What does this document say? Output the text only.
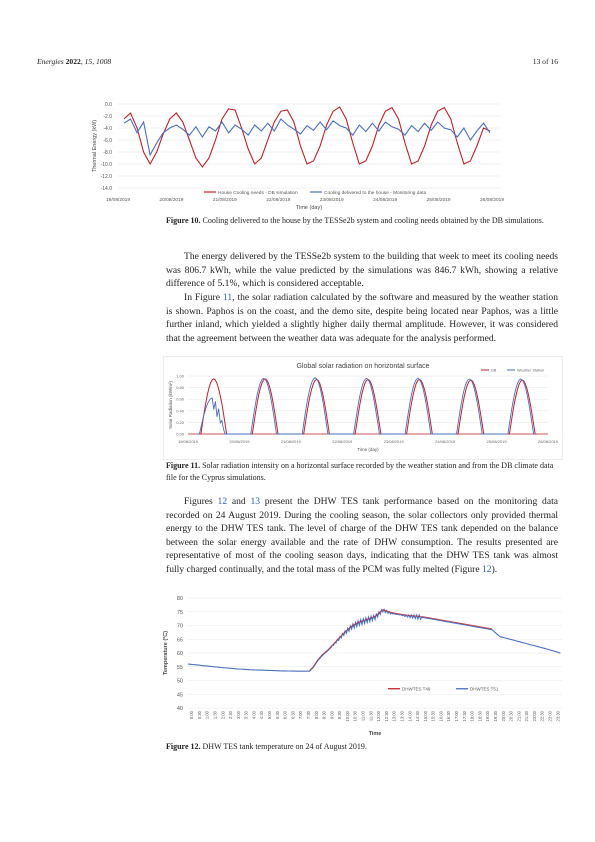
Energies 2022, 15, 1008	13 of 16
0.0
-2.0
-4.0
-6.0
-8.0
-10.0
-12.0
-14.0
Thermal Energy (kW)
19/08/2019	20/08/2019	21/08/2019	22/08/2019	23/08/2019	24/08/2019	25/08/2019	26/08/2019
Time (day)
House Cooling needs - DB simulation	Cooling delivered to the house - Monitoring data
Figure 10. Cooling delivered to the house by the TESSe2b system and cooling needs obtained by the DB simulations.

The energy delivered by the TESSe2b system to the building that week to meet its cooling needs was 806.7 kWh, while the value predicted by the simulations was 846.7 kWh, showing a relative difference of 5.1%, which is considered acceptable.

In Figure 11, the solar radiation calculated by the software and measured by the weather station is shown. Paphos is on the coast, and the demo site, despite being located near Paphos, was a little further inland, which yielded a slightly higher daily thermal amplitude. However, it was considered that the agreement between the weather data was adequate for the analysis performed.

Global solar radiation on horizontal surface
0.00
0.20
0.40
0.60
0.80
1.00
Solar Radiation (kW/m²)
19/08/2019	20/08/2019	21/08/2019	22/08/2019	23/08/2019	24/08/2019	25/08/2019	26/08/2019
Time (day)
DB	Weather Station
Figure 11. Solar radiation intensity on a horizontal surface recorded by the weather station and from the DB climate data file for the Cyprus simulations.

Figures 12 and 13 present the DHW TES tank performance based on the monitoring data recorded on 24 August 2019. During the cooling season, the solar collectors only provided thermal energy to the DHW TES tank. The level of charge of the DHW TES tank depended on the balance between the solar energy available and the rate of DHW consumption. The results presented are representative of most of the cooling season days, indicating that the DHW TES tank was almost fully charged continually, and the total mass of the PCM was fully melted (Figure 12).

80
75
70
65
60
55
50
45
40
Temperature (ºC)
0:00 0:30 1:00 1:30 2:00 2:30 3:00 3:30 4:00 4:30 5:00 5:30 6:00 6:30 7:00 7:30 8:00 8:30 9:00 9:30 10:00 10:30 11:00 11:30 12:00 12:30 13:00 13:30 14:00 14:30 15:00 15:30 16:00 16:30 17:00 17:30 18:00 18:30 19:00 19:30 20:00 20:30 21:00 21:30 22:00 22:30 23:00 23:30
Time
DHWTES T49	DHWTES T51
Figure 12. DHW TES tank temperature on 24 of August 2019.
